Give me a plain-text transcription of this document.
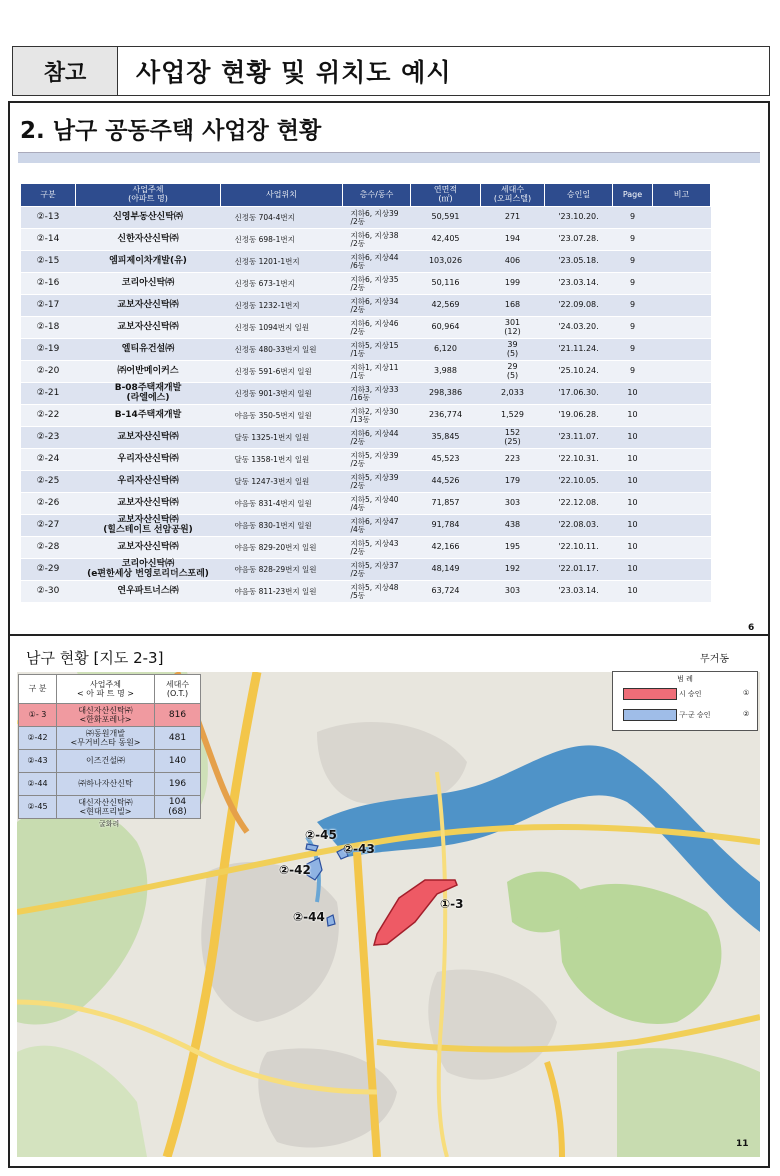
참고	사업장 현황 및 위치도 예시
2. 남구 공동주택 사업장 현황
구분	사업주체
(아파트 명)	사업위치	층수/동수	연면적
(㎡)	세대수
(오피스텔)	승인일	Page	비고
②-13	신영부동산신탁㈜	신정동 704-4번지	지하6, 지상39
/2동	50,591	271	'23.10.20.	9	
②-14	신한자산신탁㈜	신정동 698-1번지	지하6, 지상38
/2동	42,405	194	'23.07.28.	9	
②-15	엠피제이차개발(유)	신정동 1201-1번지	지하6, 지상44
/6동	103,026	406	'23.05.18.	9	
②-16	코리아신탁㈜	신정동 673-1번지	지하6, 지상35
/2동	50,116	199	'23.03.14.	9	
②-17	교보자산신탁㈜	신정동 1232-1번지	지하6, 지상34
/2동	42,569	168	'22.09.08.	9	
②-18	교보자산신탁㈜	신정동 1094번지 일원	지하6, 지상46
/2동	60,964	301
(12)	'24.03.20.	9	
②-19	엘티유건설㈜	신정동 480-33번지 일원	지하5, 지상15
/1동	6,120	39
(5)	'21.11.24.	9	
②-20	㈜어반메이커스	신정동 591-6번지 일원	지하1, 지상11
/1동	3,988	29
(5)	'25.10.24.	9	
②-21	B-08주택재개발
(라엘에스)	신정동 901-3번지 일원	지하3, 지상33
/16동	298,386	2,033	'17.06.30.	10	
②-22	B-14주택재개발	야음동 350-5번지 일원	지하2, 지상30
/13동	236,774	1,529	'19.06.28.	10	
②-23	교보자산신탁㈜	달동 1325-1번지 일원	지하6, 지상44
/2동	35,845	152
(25)	'23.11.07.	10	
②-24	우리자산신탁㈜	달동 1358-1번지 일원	지하5, 지상39
/2동	45,523	223	'22.10.31.	10	
②-25	우리자산신탁㈜	달동 1247-3번지 일원	지하5, 지상39
/2동	44,526	179	'22.10.05.	10	
②-26	교보자산신탁㈜	야음동 831-4번지 일원	지하5, 지상40
/4동	71,857	303	'22.12.08.	10	
②-27	교보자산신탁㈜
(힐스테이트 선암공원)	야음동 830-1번지 일원	지하6, 지상47
/4동	91,784	438	'22.08.03.	10	
②-28	교보자산신탁㈜	야음동 829-20번지 일원	지하5, 지상43
/2동	42,166	195	'22.10.11.	10	
②-29	코리아신탁㈜
(e편한세상 번영로리더스포레)	야음동 828-29번지 일원	지하5, 지상37
/2동	48,149	192	'22.01.17.	10	
②-30	연우파트너스㈜	야음동 811-23번지 일원	지하5, 지상48
/5동	63,724	303	'23.03.14.	10	
6
남구 현황 [지도 2-3]	무거동
굴화리
①-3
②-42
②-43
②-44
②-45
구 분	사업주체
< 아 파 트 명 >	세대수
(O.T.)
①- 3	대신자산신탁㈜
<한화포레나>	816
②-42	㈜동원개발
<무거비스타 동원>	481
②-43	이즈건설㈜	140
②-44	㈜하나자산신탁	196
②-45	대신자산신탁㈜
<현대프리빌>	104
(68)
범 례
시 승인	①
구·군 승인	②
11
